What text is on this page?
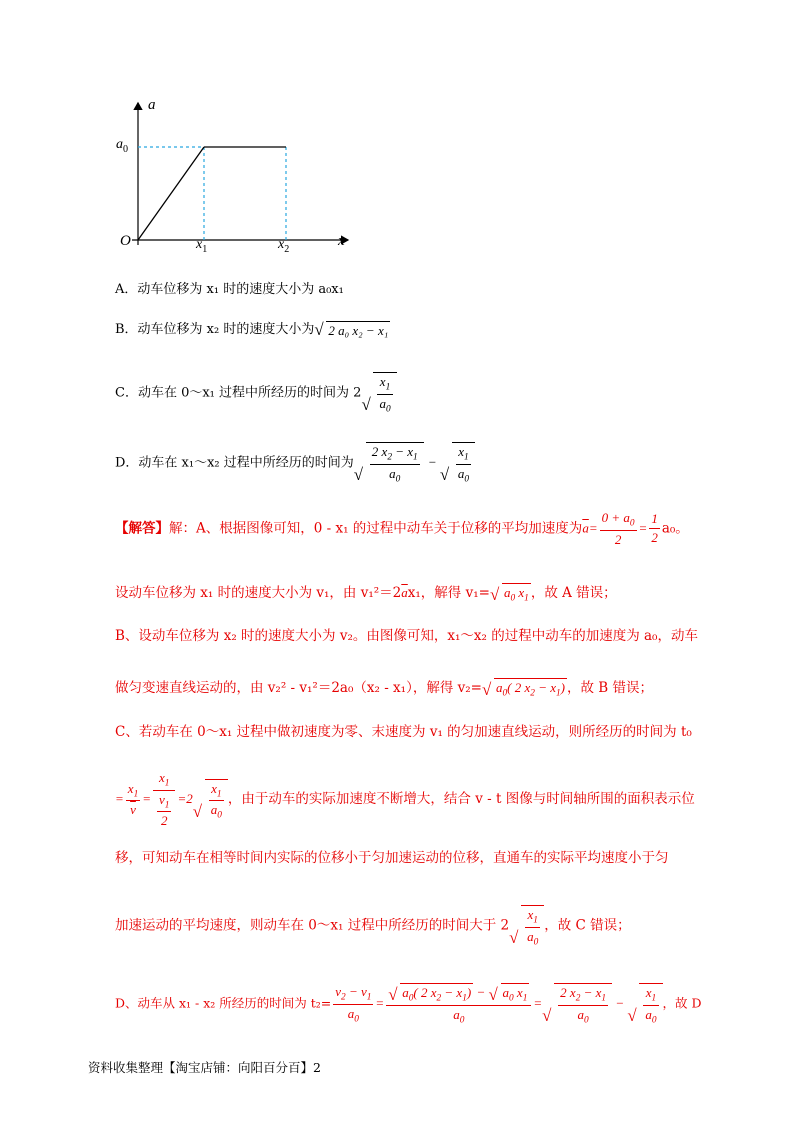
a
$a_0$
O	$x_1$	$x_2$
x
A．动车位移为 x₁ 时的速度大小为 a₀x₁
B．动车位移为 x₂ 时的速度大小为 √ 2 a₀ x₂ − x₁
C．动车在 0～x₁ 过程中所经历的时间为 2
√ $\frac{x_1}{a_0}$
D．动车在 x₁～x₂ 过程中所经历的时间为
√ $\frac{2 x_2 - x_1}{a_0}$ −
√ $\frac{x_1}{a_0}$
【解答】解：A、根据图像可知，0 - x₁ 的过程中动车关于位移的平均加速度为$\overline{a}= \frac{0 + a_0}{2} = \frac{1}{2} a_0$。
设动车位移为 x₁ 时的速度大小为 v₁，由 $v_1^2=2\overline{a}x_1$，解得 v₁= √ $a_0$ $x_1$ ，故 A 错误；
B、设动车位移为 x₂ 时的速度大小为 v₂。由图像可知，x₁～x₂ 的过程中动车的加速度为 a₀，动车
做匀变速直线运动的，由 v₂² - v₁²＝2a₀（x₂ - x₁），解得 v₂= √ $a_0$( 2 $x_2 - x_1$) ，故 B 错误；
C、若动车在 0～x₁ 过程中做初速度为零、末速度为 v₁ 的匀加速直线运动，则所经历的时间为 t₀
= $\frac{x_1}{v} = \frac{x_1}{\frac{v_1}{2}} =2$
√ $\frac{x_1}{a_0}$ ，由于动车的实际加速度不断增大，结合 v - t 图像与时间轴所围的面积表示位
移，可知动车在相等时间内实际的位移小于匀加速运动的位移，直通车的实际平均速度小于匀
加速运动的平均速度，则动车在 0～x₁ 过程中所经历的时间大于 2
√ $\frac{x_1}{a_0}$ ，故 C 错误；
D、动车从 x₁ - x₂ 所经历的时间为 $t_2= \frac{v_2 - v_1}{a_0} = \frac{√ a_0( 2 x_2 - x_1) - √ a_0 x_1}{a_0}$ =
√ $\frac{2 x_2 - x_1}{a_0}$ −
√ $\frac{x_1}{a_0}$ ，故 D
资料收集整理【淘宝店铺：向阳百分百】2
